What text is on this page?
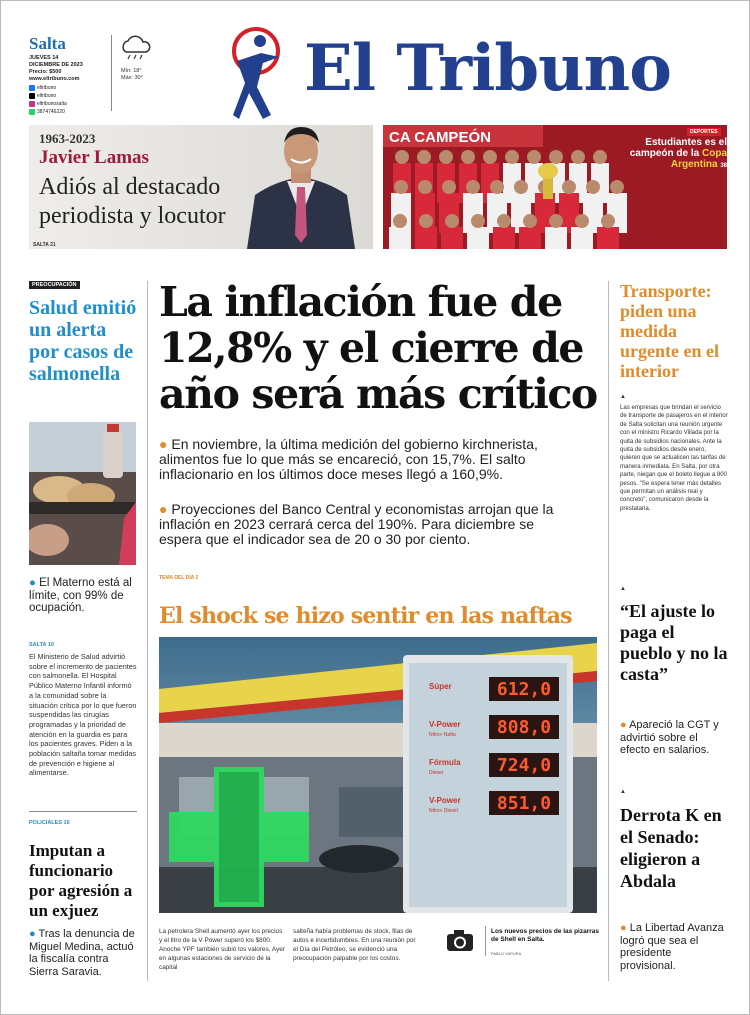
Salta
JUEVES 14
DICIEMBRE DE 2023
Precio: $500
www.eltribuno.com
eltribuno
eltribuno
eltribunosalta
3874746220
Mín: 18°
Máx: 30°	El Tribuno
1963-2023
Javier Lamas
Adiós al destacado periodista y locutor
SALTA 21
CA CAMPEÓN	DEPORTES
Estudiantes es el campeón de la Copa Argentina 38
PREOCUPACIÓN
Salud emitió un alerta por casos de salmonella
● El Materno está al límite, con 99% de ocupación.
SALTA 10
El Ministerio de Salud advirtió sobre el incremento de pacientes con salmonella. El Hospital Público Materno Infantil informó a la comunidad sobre la situación crítica por lo que fueron suspendidas las cirugías programadas y la prioridad de atención en la guardia es para los pacientes graves. Piden a la población saltaña tomar medidas de prevención e higiene al alimentarse.
POLICIALES 16
Imputan a funcionario por agresión a un exjuez
● Tras la denuncia de Miguel Medina, actuó la fiscalía contra Sierra Saravia.
La inflación fue de 12,8% y el cierre de año será más crítico
● En noviembre, la última medición del gobierno kirchnerista, alimentos fue lo que más se encareció, con 15,7%. El salto inflacionario en los últimos doce meses llegó a 160,9%.
● Proyecciones del Banco Central y economistas arrojan que la inflación en 2023 cerrará cerca del 190%. Para diciembre se espera que el indicador sea de 20 o 30 por ciento.
TEMA DEL DÍA 2
El shock se hizo sentir en las naftas
Súper	612,0
V-Power
Nitro+ Nafta 808,0
Fórmula
Diesel	724,0
V-Power
Nitro+ Diesel 851,0
La petrolera Shell aumentó ayer los precios y el litro de la V Power superó los $800. Anoche YPF también subió los valores. Ayer en algunas estaciones de servicio de la capital
salteña había problemas de stock, filas de autos e incertidumbres. En una reunión por el Día del Petróleo, se evidenció una preocupación palpable por los costos.
Los nuevos precios de las pizarras de Shell en Salta.
PABLO YAPURA
Transporte: piden una medida urgente en el interior
▲
Las empresas que brindan el servicio de transporte de pasajeros en el interior de Salta solicitan una reunión urgente con el ministro Ricardo Villada por la quita de subsidios nacionales. Ante la quita de subsidios desde enero, quieren que se actualicen las tarifas de manera inmediata. En Salta, por otra parte, niegan que el boleto llegue a 800 pesos. "Se espera tener más detalles que permitan un análisis real y concreto", comunicaron desde la prestataria.
▲
“El ajuste lo paga el pueblo y no la casta”
● Apareció la CGT y advirtió sobre el efecto en salarios.
▲
Derrota K en el Senado: eligieron a Abdala
● La Libertad Avanza logró que sea el presidente provisional.
